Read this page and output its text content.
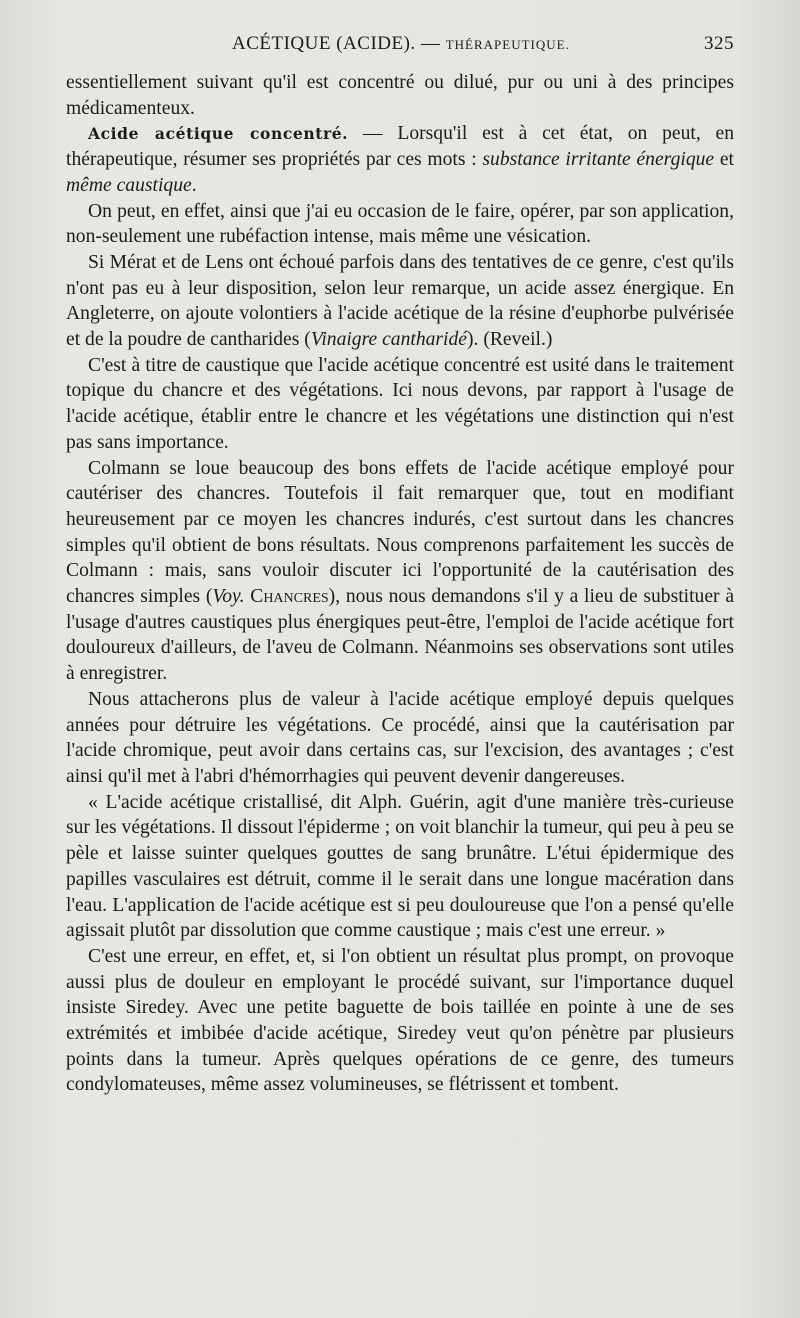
ACÉTIQUE (ACIDE). — THÉRAPEUTIQUE.	325

essentiellement suivant qu'il est concentré ou dilué, pur ou uni à des principes médicamenteux.

Acide acétique concentré. — Lorsqu'il est à cet état, on peut, en thérapeutique, résumer ses propriétés par ces mots : substance irritante énergique et même caustique.

On peut, en effet, ainsi que j'ai eu occasion de le faire, opérer, par son application, non-seulement une rubéfaction intense, mais même une vésication.

Si Mérat et de Lens ont échoué parfois dans des tentatives de ce genre, c'est qu'ils n'ont pas eu à leur disposition, selon leur remarque, un acide assez énergique. En Angleterre, on ajoute volontiers à l'acide acétique de la résine d'euphorbe pulvérisée et de la poudre de cantharides (Vinaigre cantharidé). (Reveil.)

C'est à titre de caustique que l'acide acétique concentré est usité dans le traitement topique du chancre et des végétations. Ici nous devons, par rapport à l'usage de l'acide acétique, établir entre le chancre et les végétations une distinction qui n'est pas sans importance.

Colmann se loue beaucoup des bons effets de l'acide acétique employé pour cautériser des chancres. Toutefois il fait remarquer que, tout en modifiant heureusement par ce moyen les chancres indurés, c'est surtout dans les chancres simples qu'il obtient de bons résultats. Nous comprenons parfaitement les succès de Colmann : mais, sans vouloir discuter ici l'opportunité de la cautérisation des chancres simples (Voy. Chancres), nous nous demandons s'il y a lieu de substituer à l'usage d'autres caustiques plus énergiques peut-être, l'emploi de l'acide acétique fort douloureux d'ailleurs, de l'aveu de Colmann. Néanmoins ses observations sont utiles à enregistrer.

Nous attacherons plus de valeur à l'acide acétique employé depuis quelques années pour détruire les végétations. Ce procédé, ainsi que la cautérisation par l'acide chromique, peut avoir dans certains cas, sur l'excision, des avantages ; c'est ainsi qu'il met à l'abri d'hémorrhagies qui peuvent devenir dangereuses.

« L'acide acétique cristallisé, dit Alph. Guérin, agit d'une manière très-curieuse sur les végétations. Il dissout l'épiderme ; on voit blanchir la tumeur, qui peu à peu se pèle et laisse suinter quelques gouttes de sang brunâtre. L'étui épidermique des papilles vasculaires est détruit, comme il le serait dans une longue macération dans l'eau. L'application de l'acide acétique est si peu douloureuse que l'on a pensé qu'elle agissait plutôt par dissolution que comme caustique ; mais c'est une erreur. »

C'est une erreur, en effet, et, si l'on obtient un résultat plus prompt, on provoque aussi plus de douleur en employant le procédé suivant, sur l'importance duquel insiste Siredey. Avec une petite baguette de bois taillée en pointe à une de ses extrémités et imbibée d'acide acétique, Siredey veut qu'on pénètre par plusieurs points dans la tumeur. Après quelques opérations de ce genre, des tumeurs condylomateuses, même assez volumineuses, se flétrissent et tombent.
